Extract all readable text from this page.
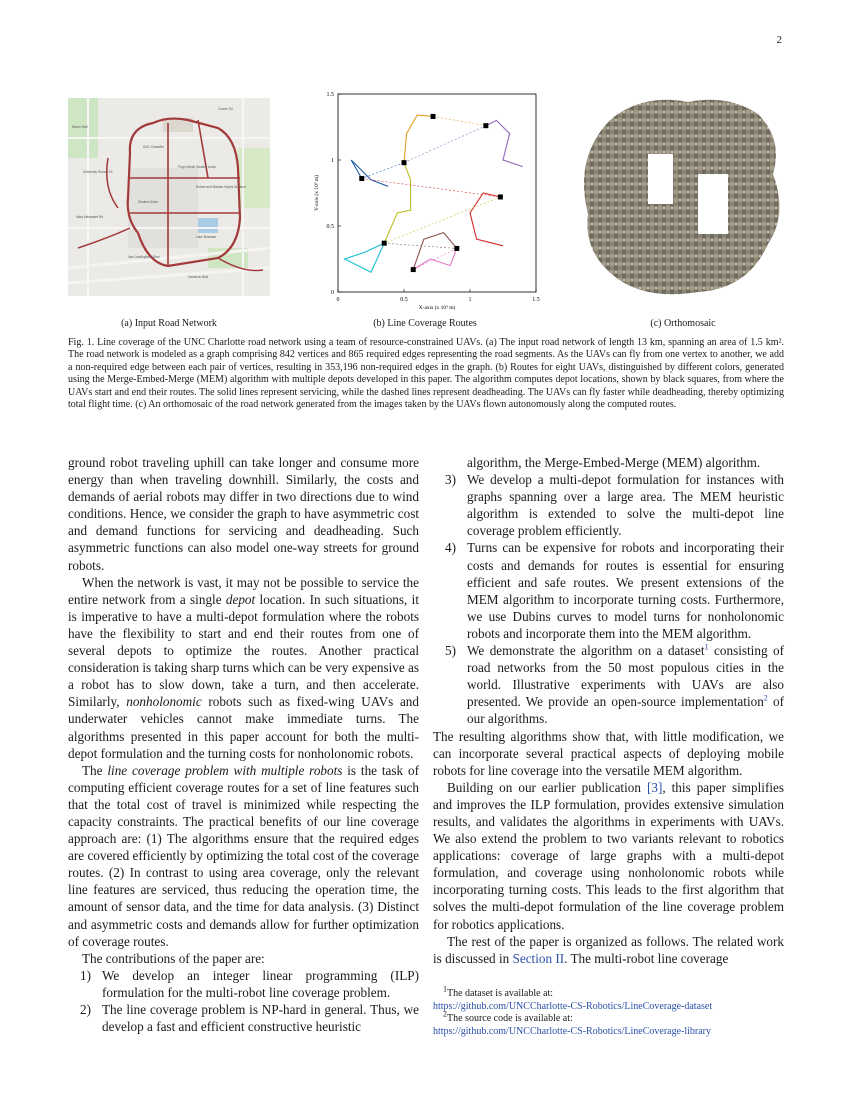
2
Moore Hall
Robert and Mariam Hayes Stadium
Student Union
Popp Martin Student Union
UNC Charlotte
Lake Bowman
University Terrace Dr
Mary Alexander Rd
Van Landingham Glen
Cameron Blvd
Craver Rd
0
0
0.5
0.5
1
1
1.5
1.5
X-axis (x 10³ m)
Y-axis (x 10³ m)
(a) Input Road Network	(b) Line Coverage Routes	(c) Orthomosaic
Fig. 1. Line coverage of the UNC Charlotte road network using a team of resource-constrained UAVs. (a) The input road network of length 13 km, spanning an area of 1.5 km². The road network is modeled as a graph comprising 842 vertices and 865 required edges representing the road segments. As the UAVs can fly from one vertex to another, we add a non-required edge between each pair of vertices, resulting in 353,196 non-required edges in the graph. (b) Routes for eight UAVs, distinguished by different colors, generated using the Merge-Embed-Merge (MEM) algorithm with multiple depots developed in this paper. The algorithm computes depot locations, shown by black squares, from where the UAVs start and end their routes. The solid lines represent servicing, while the dashed lines represent deadheading. The UAVs can fly faster while deadheading, thereby optimizing total flight time. (c) An orthomosaic of the road network generated from the images taken by the UAVs flown autonomously along the computed routes.

ground robot traveling uphill can take longer and consume more energy than when traveling downhill. Similarly, the costs and demands of aerial robots may differ in two directions due to wind conditions. Hence, we consider the graph to have asymmetric cost and demand functions for servicing and deadheading. Such asymmetric functions can also model one-way streets for ground robots.

When the network is vast, it may not be possible to service the entire network from a single depot location. In such situations, it is imperative to have a multi-depot formulation where the robots have the flexibility to start and end their routes from one of several depots to optimize the routes. Another practical consideration is taking sharp turns which can be very expensive as a robot has to slow down, take a turn, and then accelerate. Similarly, nonholonomic robots such as fixed-wing UAVs and underwater vehicles cannot make immediate turns. The algorithms presented in this paper account for both the multi-depot formulation and the turning costs for nonholonomic robots.

The line coverage problem with multiple robots is the task of computing efficient coverage routes for a set of line features such that the total cost of travel is minimized while respecting the capacity constraints. The practical benefits of our line coverage approach are: (1) The algorithms ensure that the required edges are covered efficiently by optimizing the total cost of the coverage routes. (2) In contrast to using area coverage, only the relevant line features are serviced, thus reducing the operation time, the amount of sensor data, and the time for data analysis. (3) Distinct and asymmetric costs and demands allow for further optimization of coverage routes.

The contributions of the paper are:

1) We develop an integer linear programming (ILP) formulation for the multi-robot line coverage problem.
2) The line coverage problem is NP-hard in general. Thus, we develop a fast and efficient constructive heuristic
algorithm, the Merge-Embed-Merge (MEM) algorithm.
3) We develop a multi-depot formulation for instances with graphs spanning over a large area. The MEM heuristic algorithm is extended to solve the multi-depot line coverage problem efficiently.
4) Turns can be expensive for robots and incorporating their costs and demands for routes is essential for ensuring efficient and safe routes. We present extensions of the MEM algorithm to incorporate turning costs. Furthermore, we use Dubins curves to model turns for nonholonomic robots and incorporate them into the MEM algorithm.
5) We demonstrate the algorithm on a dataset$^1$ consisting of road networks from the 50 most populous cities in the world. Illustrative experiments with UAVs are also presented. We provide an open-source implementation$^2$ of our algorithms.

The resulting algorithms show that, with little modification, we can incorporate several practical aspects of deploying mobile robots for line coverage into the versatile MEM algorithm.

Building on our earlier publication [3], this paper simplifies and improves the ILP formulation, provides extensive simulation results, and validates the algorithms in experiments with UAVs. We also extend the problem to two variants relevant to robotics applications: coverage of large graphs with a multi-depot formulation, and coverage using nonholonomic robots while incorporating turning costs. This leads to the first algorithm that solves the multi-depot formulation of the line coverage problem for robotics applications.

The rest of the paper is organized as follows. The related work is discussed in Section II. The multi-robot line coverage

$^1$The dataset is available at:

https://github.com/UNCCharlotte-CS-Robotics/LineCoverage-dataset

$^2$The source code is available at:

https://github.com/UNCCharlotte-CS-Robotics/LineCoverage-library
